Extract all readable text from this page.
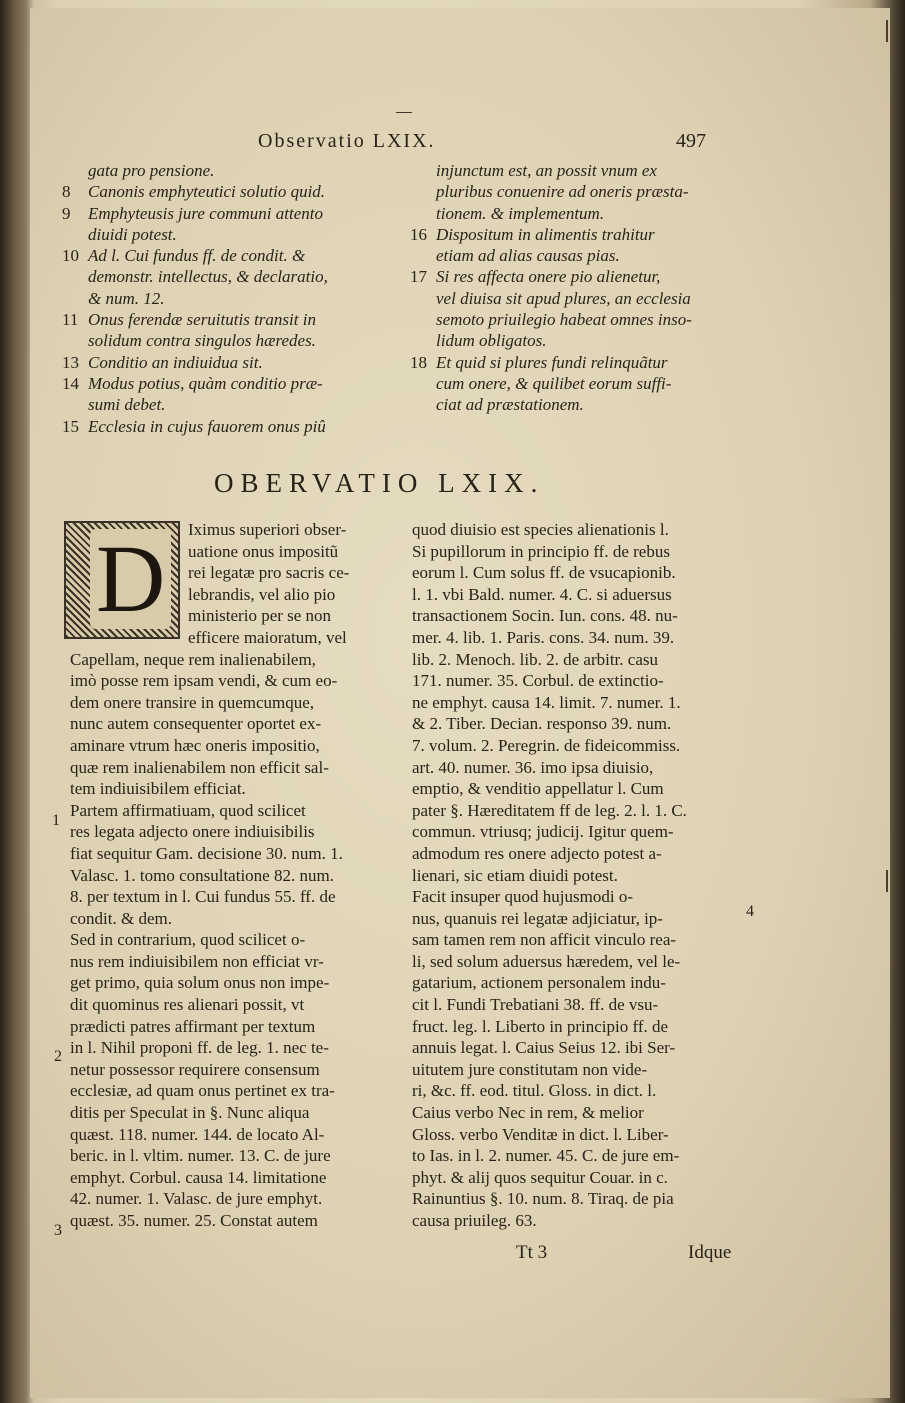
Observatio LXIX.	497
gata pro pensione.
8 Canonis emphyteutici solutio quid.
9 Emphyteusis jure communi attento
diuidi potest.
10 Ad l. Cui fundus ff. de condit. &
demonstr. intellectus, & declaratio,
& num. 12.
11 Onus ferendæ seruitutis transit in
solidum contra singulos hæredes.
13 Conditio an indiuidua sit.
14 Modus potius, quàm conditio præ-
sumi debet.
15 Ecclesia in cujus fauorem onus piû
injunctum est, an possit vnum ex
pluribus conuenire ad oneris præsta-
tionem. & implementum.
16 Dispositum in alimentis trahitur
etiam ad alias causas pias.
17 Si res affecta onere pio alienetur,
vel diuisa sit apud plures, an ecclesia
semoto priuilegio habeat omnes inso-
lidum obligatos.
18 Et quid si plures fundi relinquãtur
cum onere, & quilibet eorum suffi-
ciat ad præstationem.
OBERVATIO LXIX.
D	Iximus superiori obser-
uatione onus impositũ
rei legatæ pro sacris ce-
lebrandis, vel alio pio
ministerio per se non
efficere maioratum, vel
Capellam, neque rem inalienabilem,
imò posse rem ipsam vendi, & cum eo-
dem onere transire in quemcumque,
nunc autem consequenter oportet ex-
aminare vtrum hæc oneris impositio,
quæ rem inalienabilem non efficit sal-
tem indiuisibilem efficiat.
Partem affirmatiuam, quod scilicet
res legata adjecto onere indiuisibilis
fiat sequitur Gam. decisione 30. num. 1.
Valasc. 1. tomo consultatione 82. num.
8. per textum in l. Cui fundus 55. ff. de
condit. & dem.
Sed in contrarium, quod scilicet o-
nus rem indiuisibilem non efficiat vr-
get primo, quia solum onus non impe-
dit quominus res alienari possit, vt
prædicti patres affirmant per textum
in l. Nihil proponi ff. de leg. 1. nec te-
netur possessor requirere consensum
ecclesiæ, ad quam onus pertinet ex tra-
ditis per Speculat in §. Nunc aliqua
quæst. 118. numer. 144. de locato Al-
beric. in l. vltim. numer. 13. C. de jure
emphyt. Corbul. causa 14. limitatione
42. numer. 1. Valasc. de jure emphyt.
quæst. 35. numer. 25. Constat autem
quod diuisio est species alienationis l.
Si pupillorum in principio ff. de rebus
eorum l. Cum solus ff. de vsucapionib.
l. 1. vbi Bald. numer. 4. C. si aduersus
transactionem Socin. Iun. cons. 48. nu-
mer. 4. lib. 1. Paris. cons. 34. num. 39.
lib. 2. Menoch. lib. 2. de arbitr. casu
171. numer. 35. Corbul. de extinctio-
ne emphyt. causa 14. limit. 7. numer. 1.
& 2. Tiber. Decian. responso 39. num.
7. volum. 2. Peregrin. de fideicommiss.
art. 40. numer. 36. imo ipsa diuisio,
emptio, & venditio appellatur l. Cum
pater §. Hæreditatem ff de leg. 2. l. 1. C.
commun. vtriusq; judicij. Igitur quem-
admodum res onere adjecto potest a-
lienari, sic etiam diuidi potest.
Facit insuper quod hujusmodi o-
nus, quanuis rei legatæ adjiciatur, ip-
sam tamen rem non afficit vinculo rea-
li, sed solum aduersus hæredem, vel le-
gatarium, actionem personalem indu-
cit l. Fundi Trebatiani 38. ff. de vsu-
fruct. leg. l. Liberto in principio ff. de
annuis legat. l. Caius Seius 12. ibi Ser-
uitutem jure constitutam non vide-
ri, &c. ff. eod. titul. Gloss. in dict. l.
Caius verbo Nec in rem, & melior
Gloss. verbo Venditæ in dict. l. Liber-
to Ias. in l. 2. numer. 45. C. de jure em-
phyt. & alij quos sequitur Couar. in c.
Rainuntius §. 10. num. 8. Tiraq. de pia
causa priuileg. 63.
1
2
3
4
Tt 3	Idque
